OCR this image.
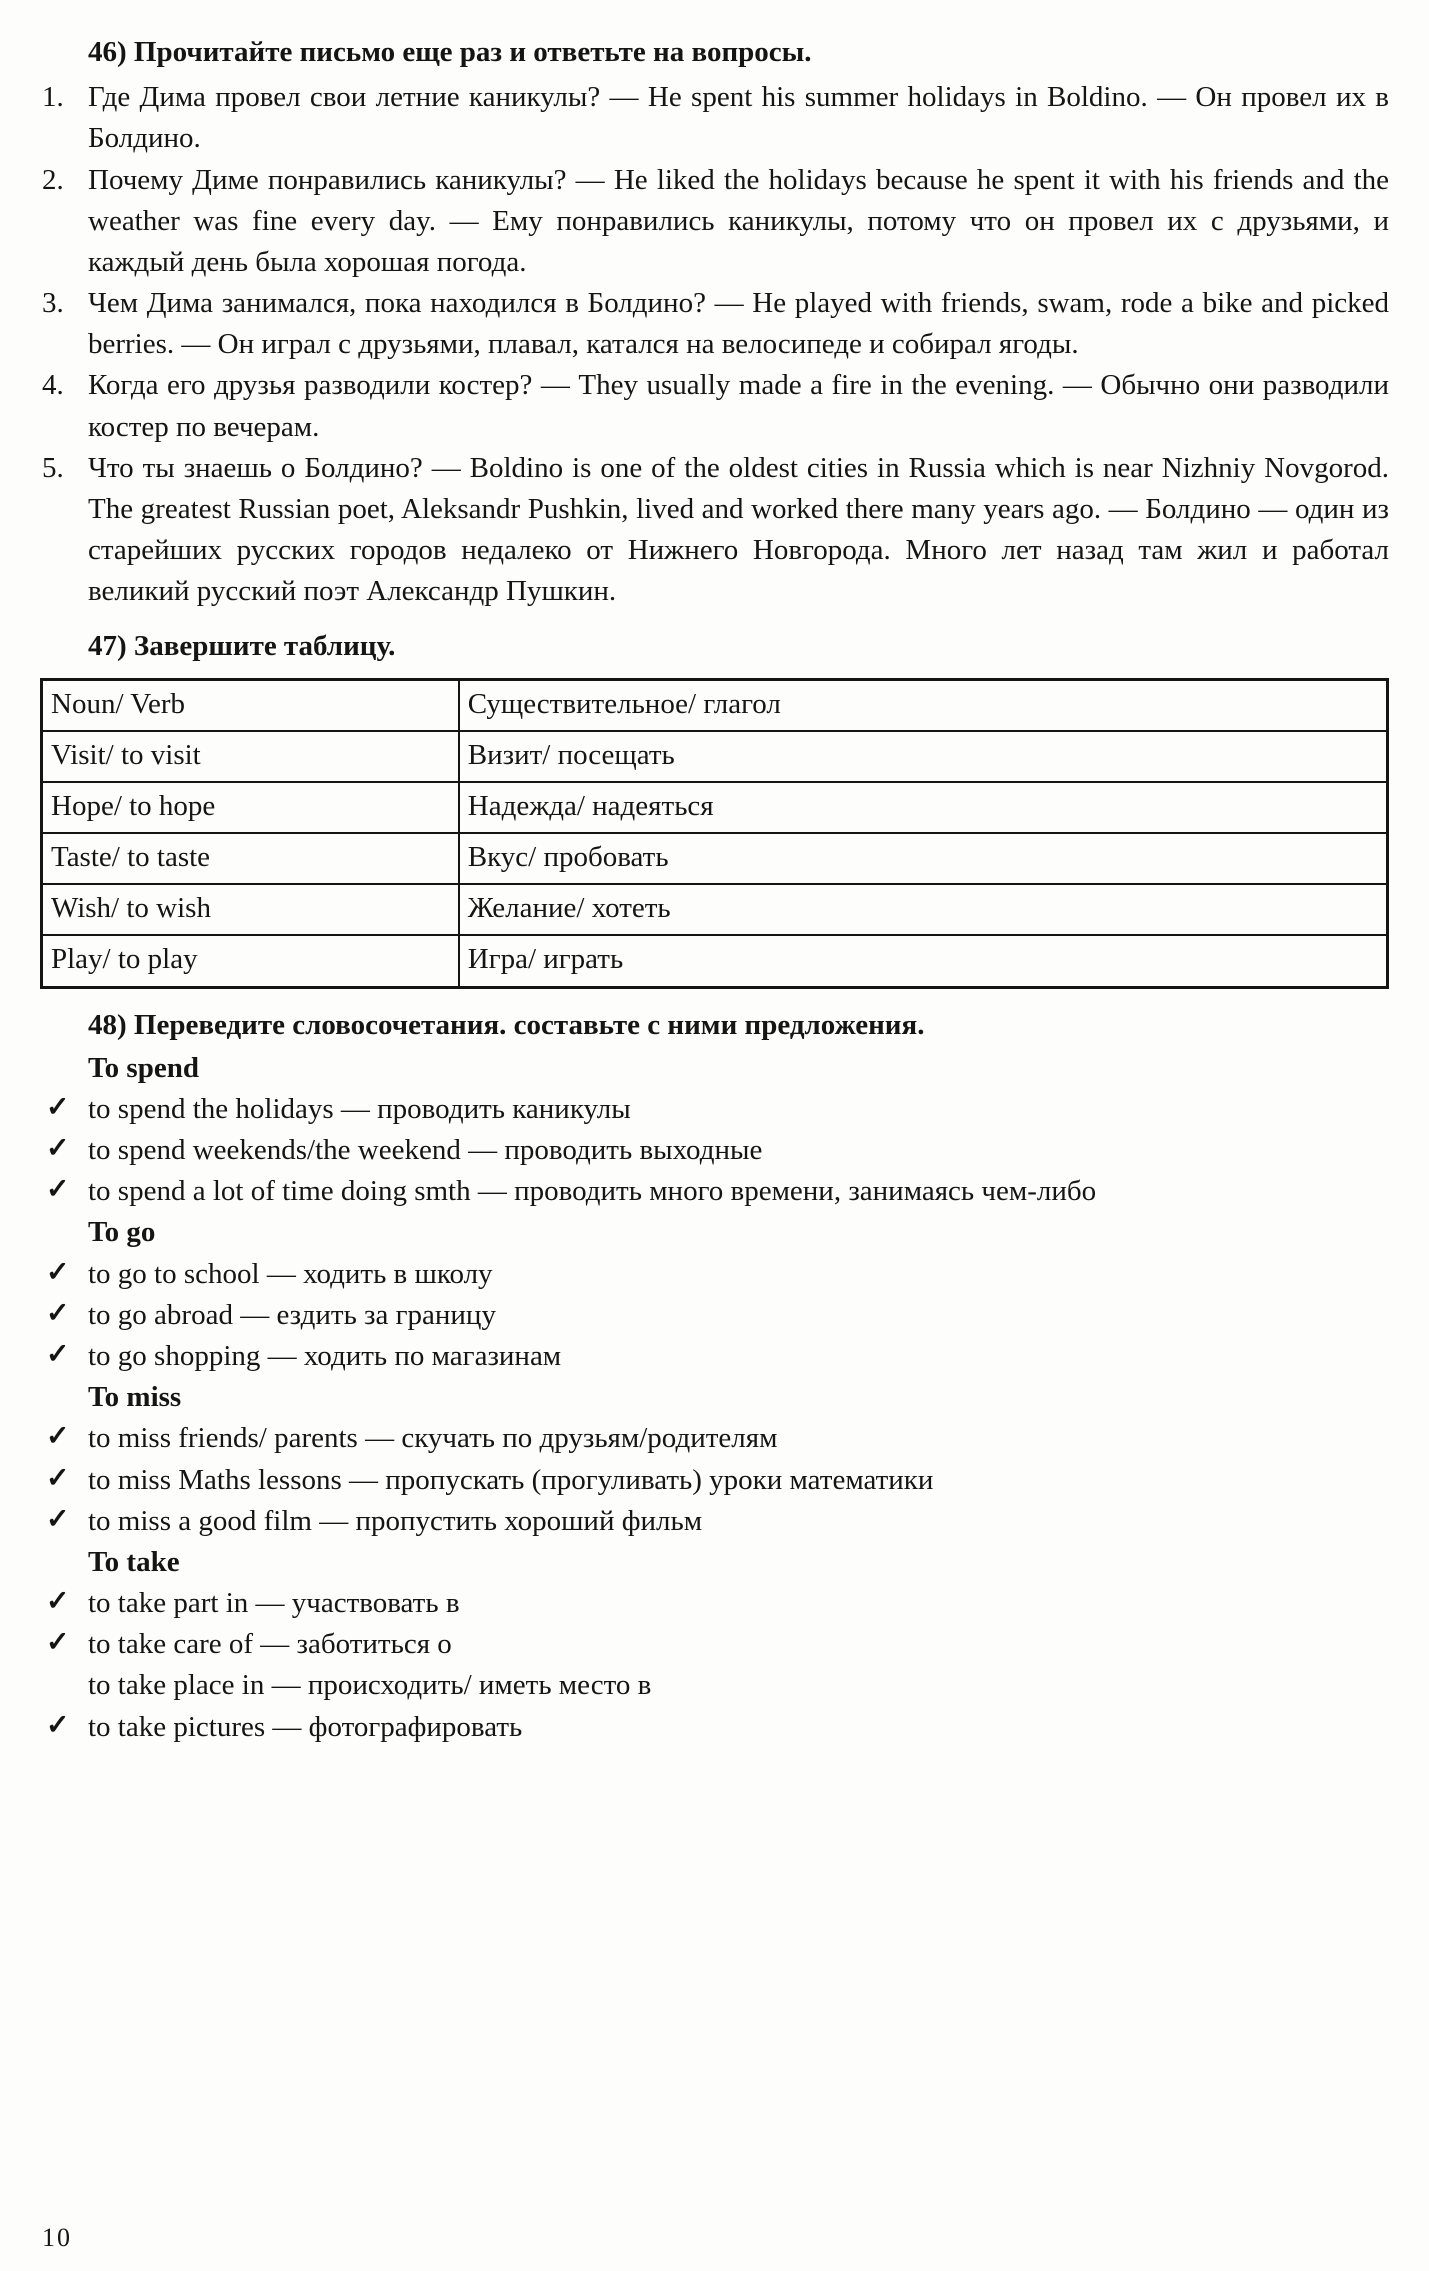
46) Прочитайте письмо еще раз и ответьте на вопросы.
1. Где Дима провел свои летние каникулы? — He spent his summer holidays in Boldino. — Он провел их в Болдино.
2. Почему Диме понравились каникулы? — He liked the holidays because he spent it with his friends and the weather was fine every day. — Ему понравились каникулы, потому что он провел их с друзьями, и каждый день была хорошая погода.
3. Чем Дима занимался, пока находился в Болдино? — He played with friends, swam, rode a bike and picked berries. — Он играл с друзьями, плавал, катался на велосипеде и собирал ягоды.
4. Когда его друзья разводили костер? — They usually made a fire in the evening. — Обычно они разводили костер по вечерам.
5. Что ты знаешь о Болдино? — Boldino is one of the oldest cities in Russia which is near Nizhniy Novgorod. The greatest Russian poet, Aleksandr Pushkin, lived and worked there many years ago. — Болдино — один из старейших русских городов недалеко от Нижнего Новгорода. Много лет назад там жил и работал великий русский поэт Александр Пушкин.
47) Завершите таблицу.
Noun/ Verb	Существительное/ глагол
Visit/ to visit	Визит/ посещать
Hope/ to hope	Надежда/ надеяться
Taste/ to taste	Вкус/ пробовать
Wish/ to wish	Желание/ хотеть
Play/ to play	Игра/ играть
48) Переведите словосочетания. составьте с ними предложения.
To spend
✓ to spend the holidays — проводить каникулы
✓ to spend weekends/the weekend — проводить выходные
✓ to spend a lot of time doing smth — проводить много времени, занимаясь чем-либо
To go
✓ to go to school — ходить в школу
✓ to go abroad — ездить за границу
✓ to go shopping — ходить по магазинам
To miss
✓ to miss friends/ parents — скучать по друзьям/родителям
✓ to miss Maths lessons — пропускать (прогуливать) уроки математики
✓ to miss a good film — пропустить хороший фильм
To take
✓ to take part in — участвовать в
✓ to take care of — заботиться о
to take place in — происходить/ иметь место в
✓ to take pictures — фотографировать
10
